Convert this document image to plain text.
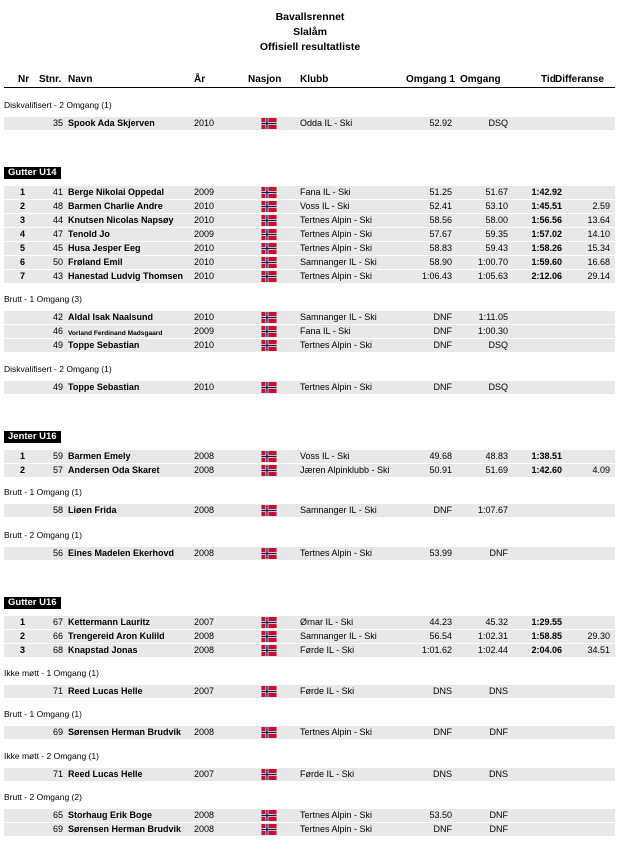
Bavallsrennet
Slalåm
Offisiell resultatliste
Nr Stnr. Navn	År	Nasjon Klubb	Omgang 1 Omgang	Tid Differanse
Diskvalifisert - 2 Omgang (1)
35 Spook Ada Skjerven	2010	Odda IL - Ski	52.92	DSQ
Gutter U14
1	41 Berge Nikolai Oppedal	2009	Fana IL - Ski	51.25	51.67	1:42.92
2	48 Barmen Charlie Andre	2010	Voss IL - Ski	52.41	53.10	1:45.51	2.59
3	44 Knutsen Nicolas Napsøy 2010	Tertnes Alpin - Ski	58.56	58.00	1:56.56	13.64
4	47 Tenold Jo	2009	Tertnes Alpin - Ski	57.67	59.35	1:57.02	14.10
5	45 Husa Jesper Eeg	2010	Tertnes Alpin - Ski	58.83	59.43	1:58.26	15.34
6	50 Frøland Emil	2010	Samnanger IL - Ski	58.90	1:00.70	1:59.60	16.68
7	43 Hanestad Ludvig Thomsen 2010	Tertnes Alpin - Ski	1:06.43	1:05.63	2:12.06	29.14
Brutt - 1 Omgang (3)
42 Aldal Isak Naalsund	2010	Samnanger IL - Ski	DNF	1:11.05
46 Vorland Ferdinand Madsgaard	2009	Fana IL - Ski	DNF	1:00.30
49 Toppe Sebastian	2010	Tertnes Alpin - Ski	DNF	DSQ
Diskvalifisert - 2 Omgang (1)
49 Toppe Sebastian	2010	Tertnes Alpin - Ski	DNF	DSQ
Jenter U16
1	59 Barmen Emely	2008	Voss IL - Ski	49.68	48.83	1:38.51
2	57 Andersen Oda Skaret	2008	Jæren Alpinklubb - Ski	50.91	51.69	1:42.60	4.09
Brutt - 1 Omgang (1)
58 Liøen Frida	2008	Samnanger IL - Ski	DNF	1:07.67
Brutt - 2 Omgang (1)
56 Eines Madelen Ekerhovd 2008	Tertnes Alpin - Ski	53.99	DNF
Gutter U16
1	67 Kettermann Lauritz	2007	Ørnar IL - Ski	44.23	45.32	1:29.55
2	66 Trengereid Aron Kulild	2008	Samnanger IL - Ski	56.54	1:02.31	1:58.85	29.30
3	68 Knapstad Jonas	2008	Førde IL - Ski	1:01.62	1:02.44	2:04.06	34.51
Ikke møtt - 1 Omgang (1)
71 Reed Lucas Helle	2007	Førde IL - Ski	DNS	DNS
Brutt - 1 Omgang (1)
69 Sørensen Herman Brudvik 2008	Tertnes Alpin - Ski	DNF	DNF
Ikke møtt - 2 Omgang (1)
71 Reed Lucas Helle	2007	Førde IL - Ski	DNS	DNS
Brutt - 2 Omgang (2)
65 Storhaug Erik Boge	2008	Tertnes Alpin - Ski	53.50	DNF
69 Sørensen Herman Brudvik 2008	Tertnes Alpin - Ski	DNF	DNF
